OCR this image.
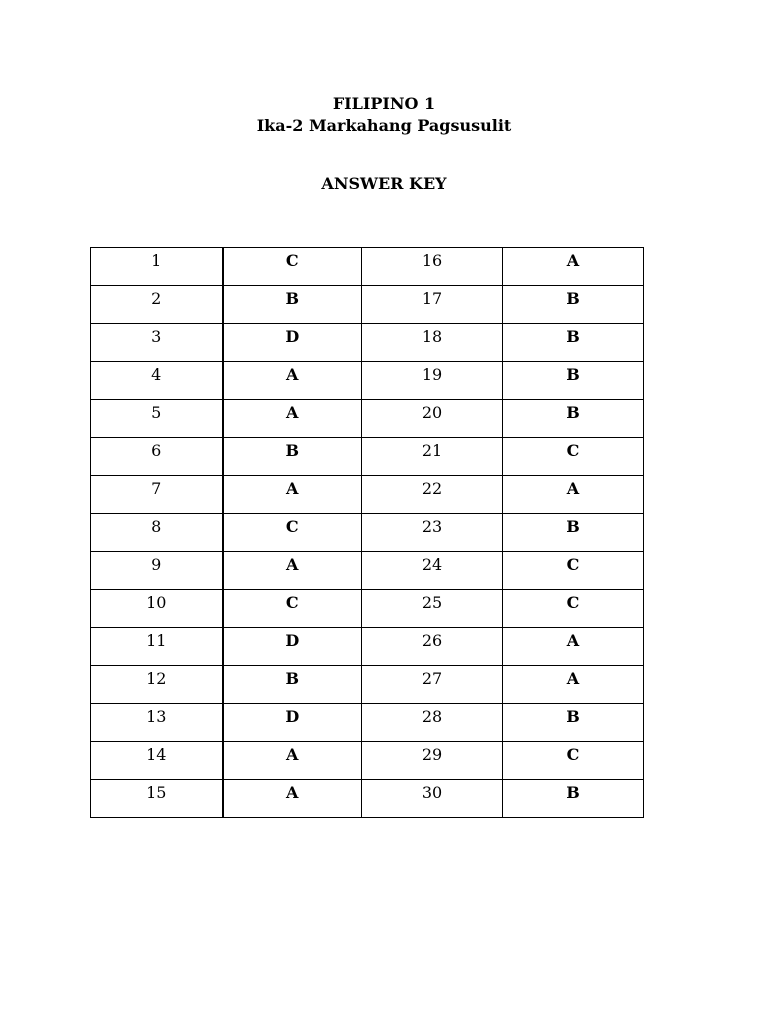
FILIPINO 1
Ika-2 Markahang Pagsusulit
ANSWER KEY
1	C	16	A
2	B	17	B
3	D	18	B
4	A	19	B
5	A	20	B
6	B	21	C
7	A	22	A
8	C	23	B
9	A	24	C
10	C	25	C
11	D	26	A
12	B	27	A
13	D	28	B
14	A	29	C
15	A	30	B
